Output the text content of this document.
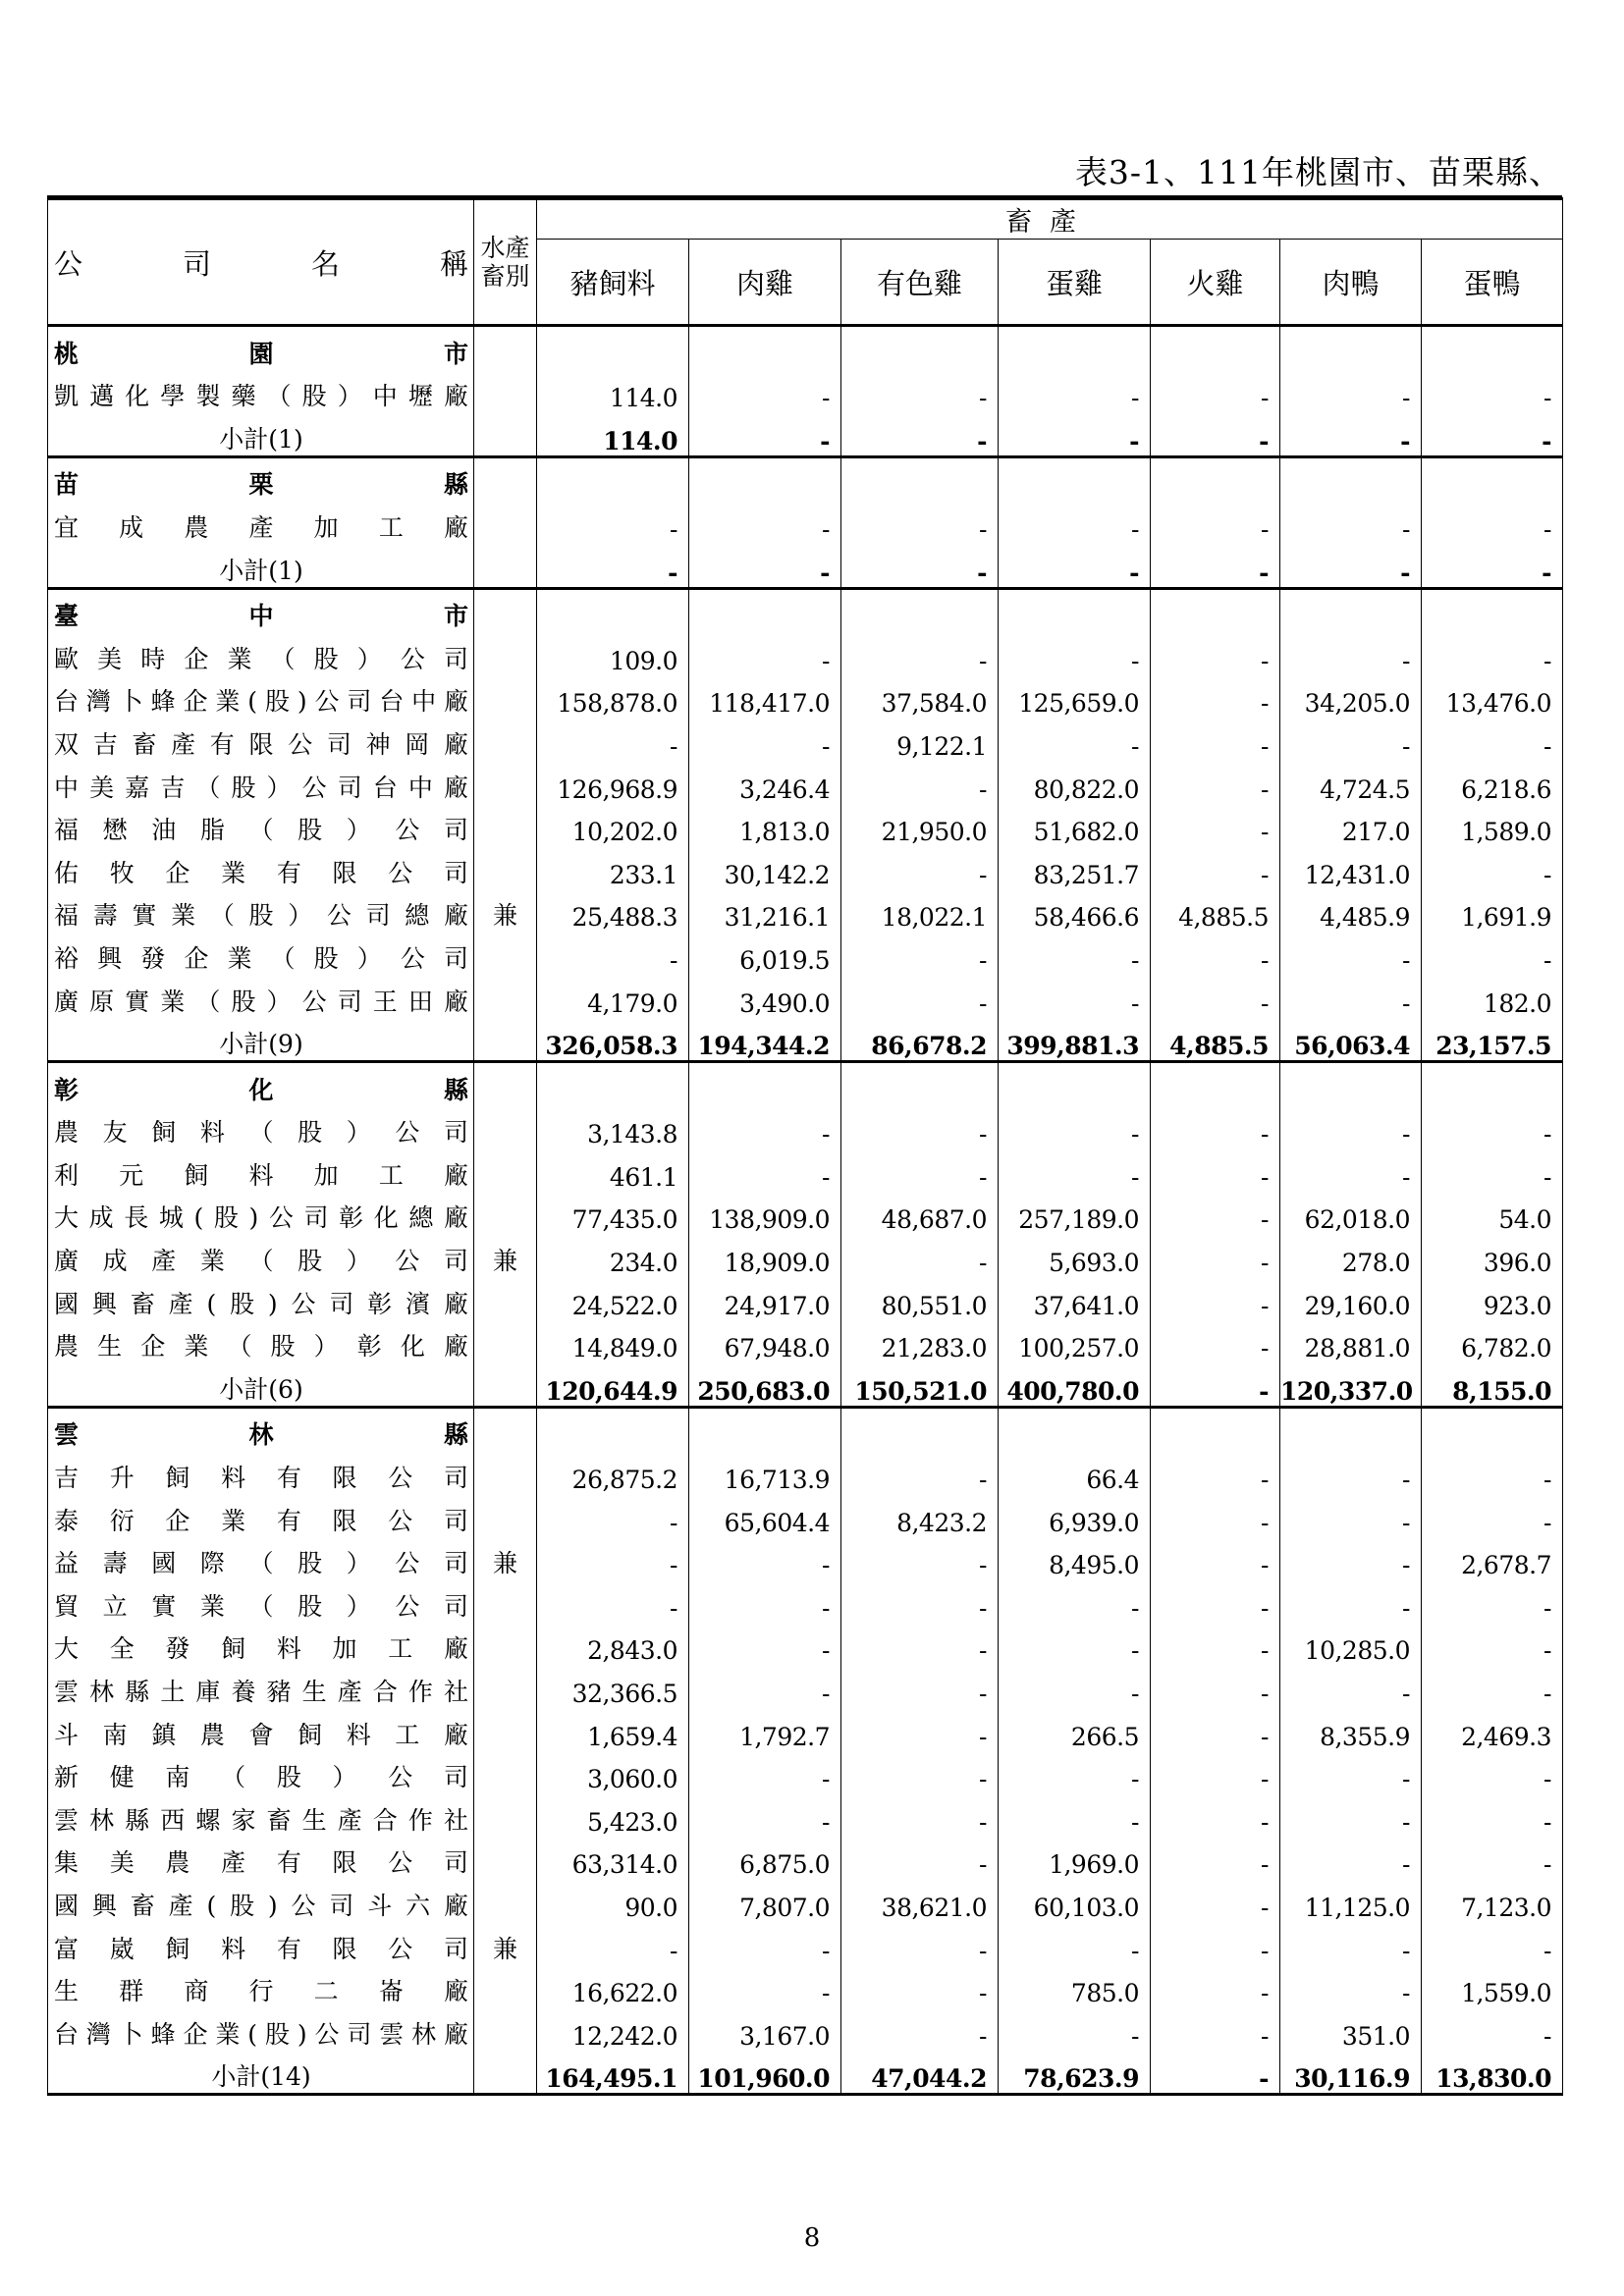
表3-1、111年桃園市、苗栗縣、
公司名稱	水產畜別	畜產						
		豬飼料	肉雞	有色雞	蛋雞	火雞	肉鴨	蛋鴨
桃園市								
凱邁化學製藥（股）中壢廠		114.0	-	-	-	-	-	-
小計(1)		114.0	-	-	-	-	-	-
苗栗縣								
宜成農產加工廠		-	-	-	-	-	-	-
小計(1)		-	-	-	-	-	-	-
臺中市								
歐美時企業（股）公司		109.0	-	-	-	-	-	-
台灣卜蜂企業(股)公司台中廠		158,878.0	118,417.0	37,584.0	125,659.0	-	34,205.0	13,476.0
双吉畜產有限公司神岡廠		-	-	9,122.1	-	-	-	-
中美嘉吉（股）公司台中廠		126,968.9	3,246.4	-	80,822.0	-	4,724.5	6,218.6
福懋油脂（股）公司		10,202.0	1,813.0	21,950.0	51,682.0	-	217.0	1,589.0
佑牧企業有限公司		233.1	30,142.2	-	83,251.7	-	12,431.0	-
福壽實業（股）公司總廠	兼	25,488.3	31,216.1	18,022.1	58,466.6	4,885.5	4,485.9	1,691.9
裕興發企業（股）公司		-	6,019.5	-	-	-	-	-
廣原實業（股）公司王田廠		4,179.0	3,490.0	-	-	-	-	182.0
小計(9)		326,058.3	194,344.2	86,678.2	399,881.3	4,885.5	56,063.4	23,157.5
彰化縣								
農友飼料（股）公司		3,143.8	-	-	-	-	-	-
利元飼料加工廠		461.1	-	-	-	-	-	-
大成長城(股)公司彰化總廠		77,435.0	138,909.0	48,687.0	257,189.0	-	62,018.0	54.0
廣成產業（股）公司	兼	234.0	18,909.0	-	5,693.0	-	278.0	396.0
國興畜產(股)公司彰濱廠		24,522.0	24,917.0	80,551.0	37,641.0	-	29,160.0	923.0
農生企業（股）彰化廠		14,849.0	67,948.0	21,283.0	100,257.0	-	28,881.0	6,782.0
小計(6)		120,644.9	250,683.0	150,521.0	400,780.0	-	120,337.0	8,155.0
雲林縣								
吉升飼料有限公司		26,875.2	16,713.9	-	66.4	-	-	-
泰衍企業有限公司		-	65,604.4	8,423.2	6,939.0	-	-	-
益壽國際（股）公司	兼	-	-	-	8,495.0	-	-	2,678.7
貿立實業（股）公司		-	-	-	-	-	-	-
大全發飼料加工廠		2,843.0	-	-	-	-	10,285.0	-
雲林縣土庫養豬生產合作社		32,366.5	-	-	-	-	-	-
斗南鎮農會飼料工廠		1,659.4	1,792.7	-	266.5	-	8,355.9	2,469.3
新健南（股）公司		3,060.0	-	-	-	-	-	-
雲林縣西螺家畜生產合作社		5,423.0	-	-	-	-	-	-
集美農產有限公司		63,314.0	6,875.0	-	1,969.0	-	-	-
國興畜產(股)公司斗六廠		90.0	7,807.0	38,621.0	60,103.0	-	11,125.0	7,123.0
富崴飼料有限公司	兼	-	-	-	-	-	-	-
生群商行二崙廠		16,622.0	-	-	785.0	-	-	1,559.0
台灣卜蜂企業(股)公司雲林廠		12,242.0	3,167.0	-	-	-	351.0	-
小計(14)		164,495.1	101,960.0	47,044.2	78,623.9	-	30,116.9	13,830.0
8
